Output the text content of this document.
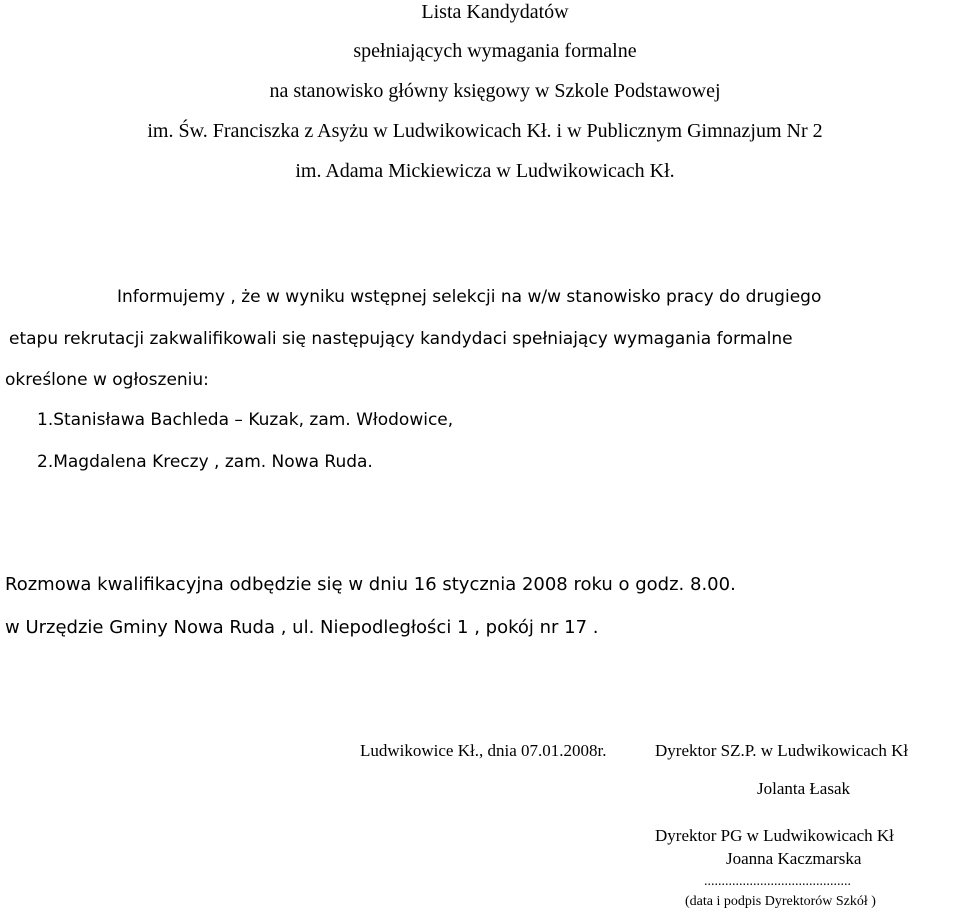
Lista Kandydatów
spełniających wymagania formalne
na stanowisko główny księgowy w Szkole Podstawowej
im. Św. Franciszka z Asyżu w Ludwikowicach Kł. i w Publicznym Gimnazjum Nr 2
im. Adama Mickiewicza w Ludwikowicach Kł.
Informujemy , że w wyniku wstępnej selekcji na w/w stanowisko pracy do drugiego
etapu rekrutacji zakwalifikowali się następujący kandydaci spełniający wymagania formalne
określone w ogłoszeniu:
1.Stanisława Bachleda – Kuzak, zam. Włodowice,
2.Magdalena Kreczy , zam. Nowa Ruda.
Rozmowa kwalifikacyjna odbędzie się w dniu 16 stycznia 2008 roku o godz. 8.00.
w Urzędzie Gminy Nowa Ruda , ul. Niepodległości 1 , pokój nr 17 .
Ludwikowice Kł., dnia 07.01.2008r.	Dyrektor SZ.P. w Ludwikowicach Kł
Jolanta Łasak
Dyrektor PG w Ludwikowicach Kł
Joanna Kaczmarska
..........................................
(data i podpis Dyrektorów Szkół )
